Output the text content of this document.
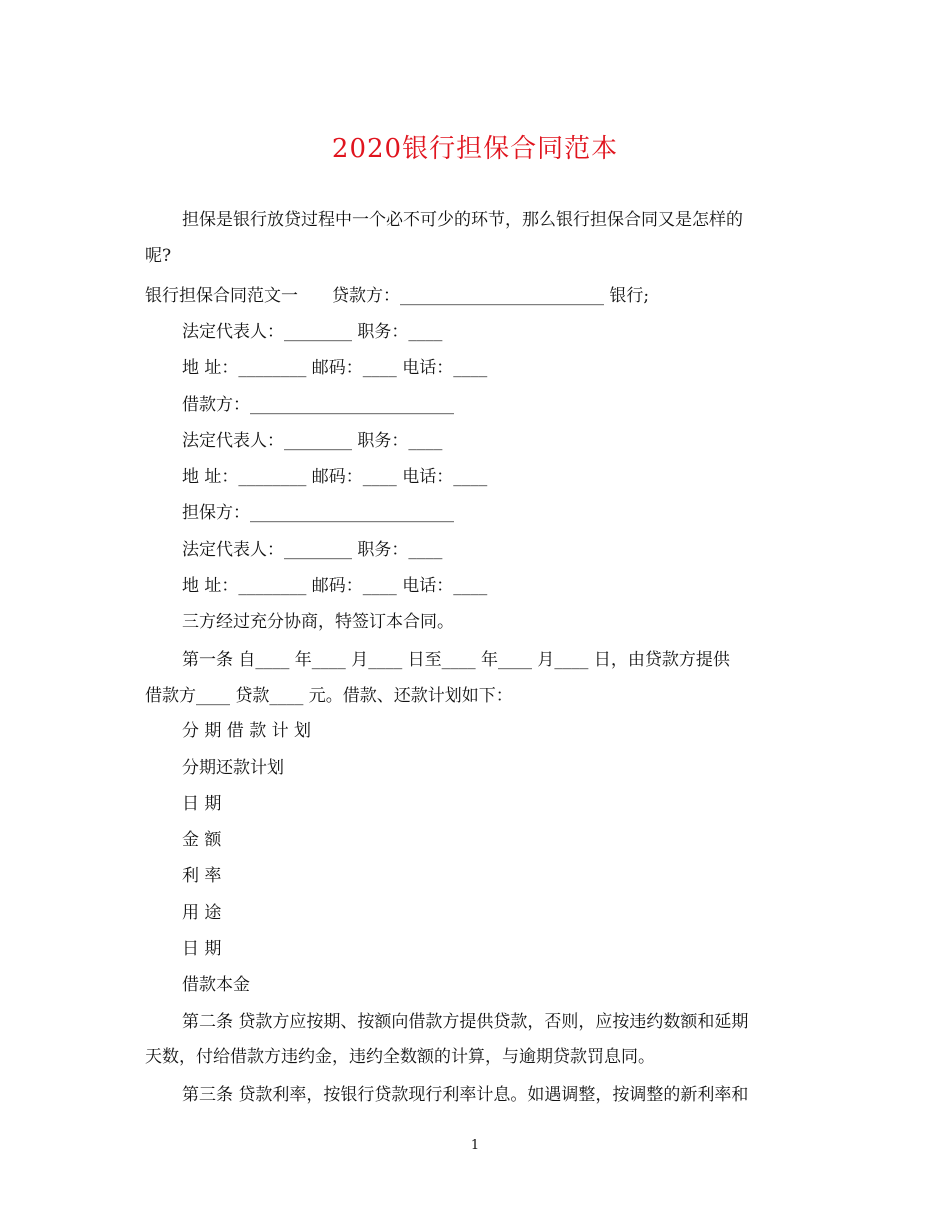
2020银行担保合同范本
担保是银行放贷过程中一个必不可少的环节，那么银行担保合同又是怎样的
呢?
银行担保合同范文一　　贷款方：________________________ 银行;
法定代表人：________ 职务：____
地 址：________ 邮码：____ 电话：____
借款方：________________________
法定代表人：________ 职务：____
地 址：________ 邮码：____ 电话：____
担保方：________________________
法定代表人：________ 职务：____
地 址：________ 邮码：____ 电话：____
三方经过充分协商，特签订本合同。
第一条 自____ 年____ 月____ 日至____ 年____ 月____ 日，由贷款方提供
借款方____ 贷款____ 元。借款、还款计划如下：
分 期 借 款 计 划
分期还款计划
日 期
金 额
利 率
用 途
日 期
借款本金
第二条 贷款方应按期、按额向借款方提供贷款，否则，应按违约数额和延期
天数，付给借款方违约金，违约全数额的计算，与逾期贷款罚息同。
第三条 贷款利率，按银行贷款现行利率计息。如遇调整，按调整的新利率和
1
